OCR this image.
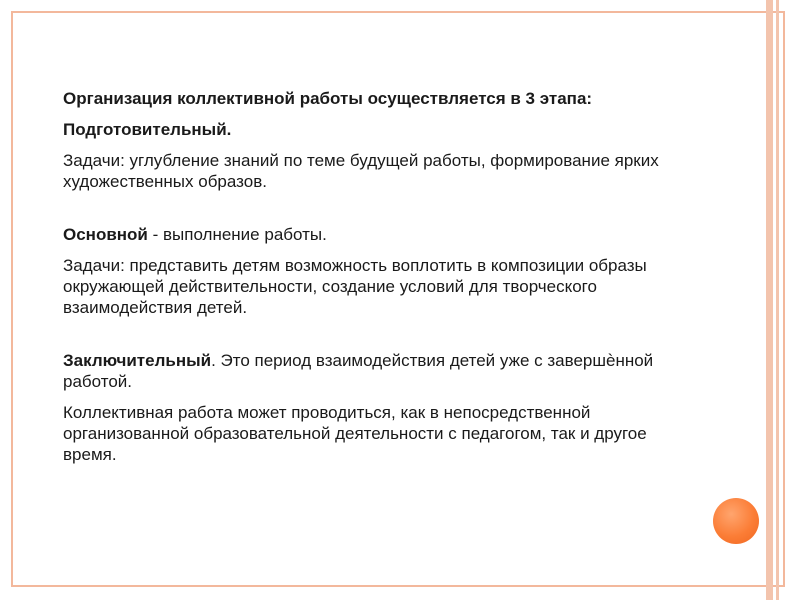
Организация коллективной работы осуществляется в 3 этапа:

Подготовительный.

Задачи: углубление знаний по теме будущей работы, формирование ярких художественных образов.

Основной - выполнение работы.

Задачи: представить детям возможность воплотить в композиции образы окружающей действительности, создание условий для творческого взаимодействия детей.

Заключительный. Это период взаимодействия детей уже с завершѐнной работой.

Коллективная работа может проводиться, как в непосредственной организованной образовательной деятельности с педагогом, так и другое время.
